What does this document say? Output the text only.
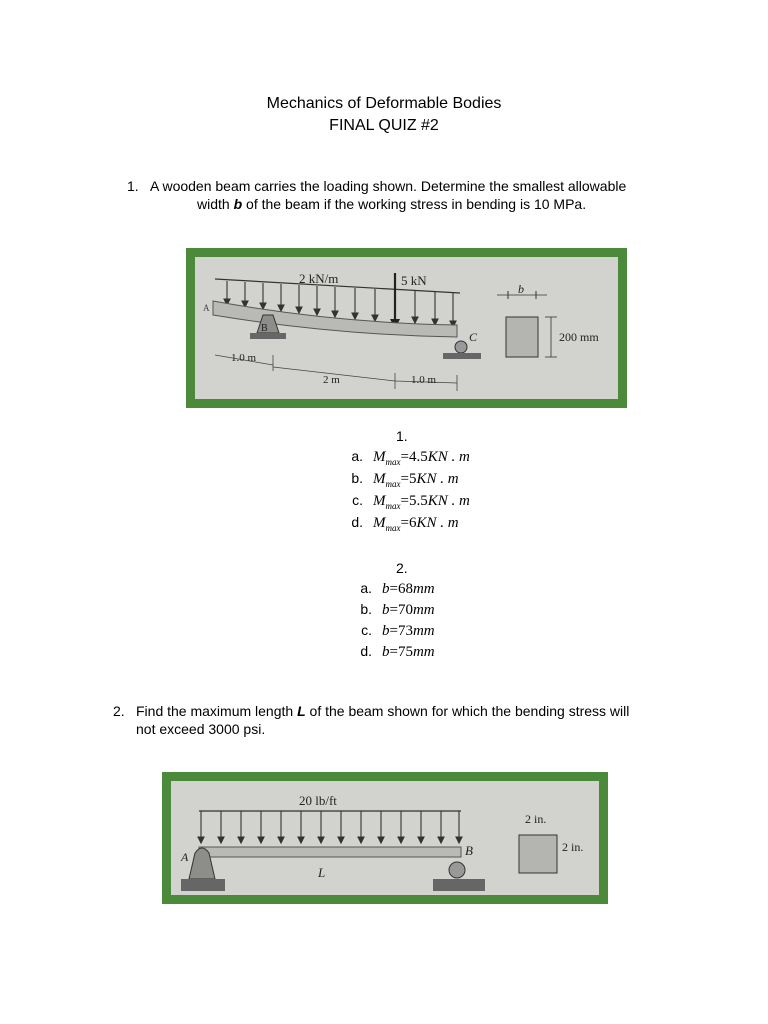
Mechanics of Deformable Bodies
FINAL QUIZ #2
1. A wooden beam carries the loading shown. Determine the smallest allowable
width b of the beam if the working stress in bending is 10 MPa.
2 kN/m	5 kN
B
C
A
1.0 m
2 m	1.0 m
b
200 mm
1.
a. $M_{max}=4.5KN$ . m
b. $M_{max}=5KN$ . m
c. $M_{max}=5.5KN$ . m
d. $M_{max}=6KN$ . m
2.
a. b=68mm
b. b=70mm
c. b=73mm
d. b=75mm
2. Find the maximum length L of the beam shown for which the bending stress will
not exceed 3000 psi.
20 lb/ft
A	B
L
2 in.
2 in.
